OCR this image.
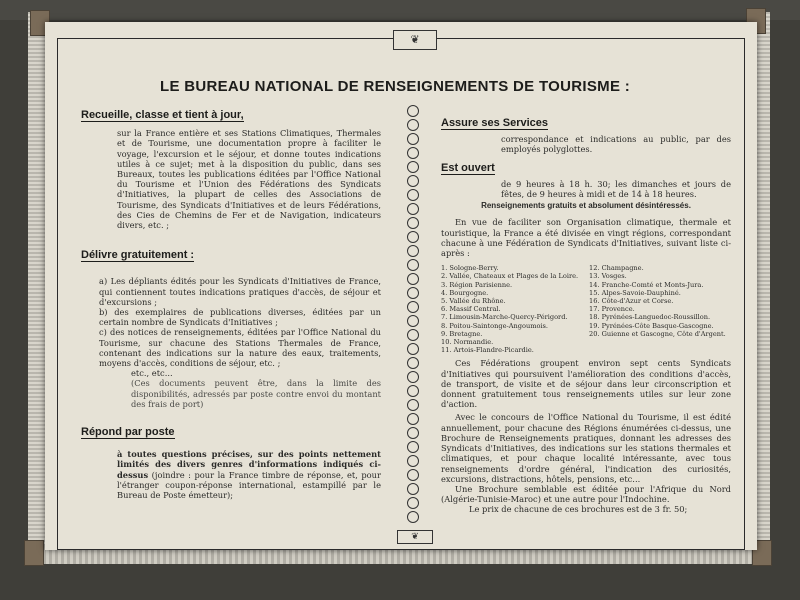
❦
LE BUREAU NATIONAL DE RENSEIGNEMENTS DE TOURISME :
Recueille, classe et tient à jour,
sur la France entière et ses Stations Climatiques, Thermales et de Tourisme, une documentation propre à faciliter le voyage, l'excursion et le séjour, et donne toutes indications utiles à ce sujet; met à la disposition du public, dans ses Bureaux, toutes les publications éditées par l'Office National du Tourisme et l'Union des Fédérations des Syndicats d'Initiatives, la plupart de celles des Associations de Tourisme, des Syndicats d'Initiatives et de leurs Fédérations, des Cies de Chemins de Fer et de Navigation, indicateurs divers, etc. ;
Délivre gratuitement :
a) Les dépliants édités pour les Syndicats d'Initiatives de France, qui contiennent toutes indications pratiques d'accès, de séjour et d'excursions ;
b) des exemplaires de publications diverses, éditées par un certain nombre de Syndicats d'Initiatives ;
c) des notices de renseignements, éditées par l'Office National du Tourisme, sur chacune des Stations Thermales de France, contenant des indications sur la nature des eaux, traitements, moyens d'accès, conditions de séjour, etc. ;
etc., etc...
(Ces documents peuvent être, dans la limite des disponibilités, adressés par poste contre envoi du montant des frais de port)
Répond par poste
à toutes questions précises, sur des points nettement limités des divers genres d'informations indiqués ci-dessus (joindre : pour la France timbre de réponse, et, pour l'étranger coupon-réponse international, estampillé par le Bureau de Poste émetteur);
Assure ses Services
correspondance et indications au public, par des employés polyglottes.
Est ouvert
de 9 heures à 18 h. 30; les dimanches et jours de fêtes, de 9 heures à midi et de 14 à 18 heures.
Renseignements gratuits et absolument désintéressés.
En vue de faciliter son Organisation climatique, thermale et touristique, la France a été divisée en vingt régions, correspondant chacune à une Fédération de Syndicats d'Initiatives, suivant liste ci-après :
1. Sologne-Berry.
2. Vallée, Chateaux et Plages de la Loire.
3. Région Parisienne.
4. Bourgogne.
5. Vallée du Rhône.
6. Massif Central.
7. Limousin-Marche-Quercy-Périgord.
8. Poitou-Saintonge-Angoumois.
9. Bretagne.
10. Normandie.
11. Artois-Flandre-Picardie.
12. Champagne.
13. Vosges.
14. Franche-Comté et Monts-Jura.
15. Alpes-Savoie-Dauphiné.
16. Côte-d'Azur et Corse.
17. Provence.
18. Pyrénées-Languedoc-Roussillon.
19. Pyrénées-Côte Basque-Gascogne.
20. Guienne et Gascogne, Côte d'Argent.
Ces Fédérations groupent environ sept cents Syndicats d'Initiatives qui poursuivent l'amélioration des conditions d'accès, de transport, de visite et de séjour dans leur circonscription et donnent gratuitement tous renseignements utiles sur leur zone d'action.
Avec le concours de l'Office National du Tourisme, il est édité annuellement, pour chacune des Régions énumérées ci-dessus, une Brochure de Renseignements pratiques, donnant les adresses des Syndicats d'Initiatives, des indications sur les stations thermales et climatiques, et pour chaque localité intéressante, avec tous renseignements d'ordre général, l'indication des curiosités, excursions, distractions, hôtels, pensions, etc...
Une Brochure semblable est éditée pour l'Afrique du Nord (Algérie-Tunisie-Maroc) et une autre pour l'Indochine.
Le prix de chacune de ces brochures est de 3 fr. 50;
❦
